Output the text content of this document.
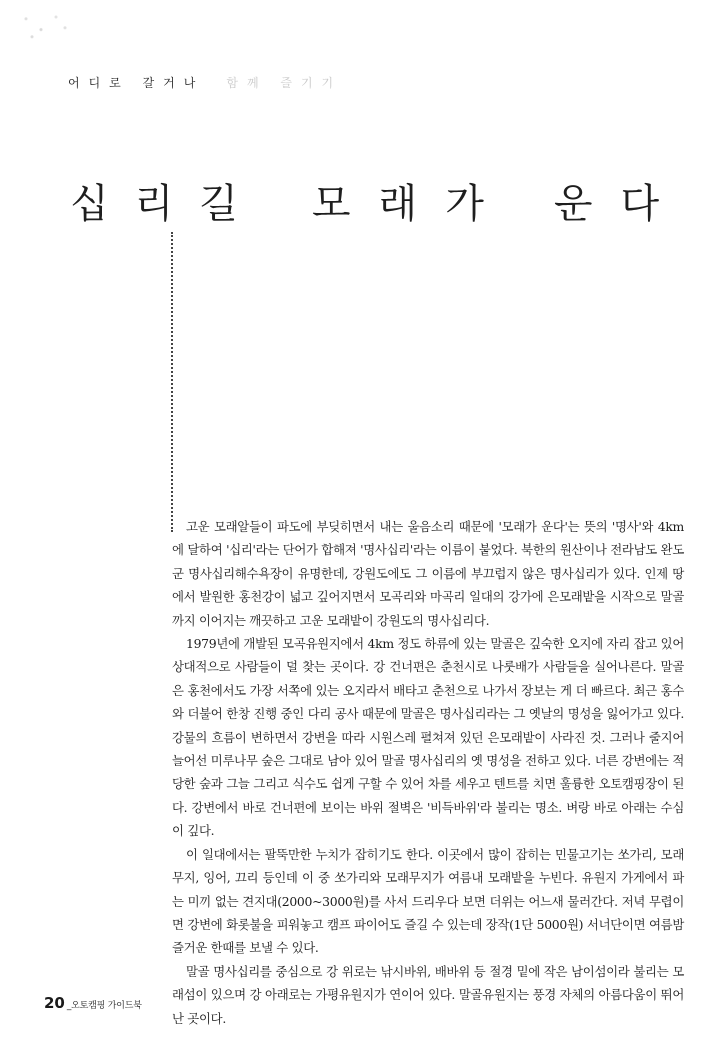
어디로 갈거나 함께 즐기기
십리길 모래가 운다

고운 모래알들이 파도에 부딪히면서 내는 울음소리 때문에 '모래가 운다'는 뜻의 '명사'와 4km에 달하여 '십리'라는 단어가 합해져 '명사십리'라는 이름이 붙었다. 북한의 원산이나 전라남도 완도군 명사십리해수욕장이 유명한데, 강원도에도 그 이름에 부끄럽지 않은 명사십리가 있다. 인제 땅에서 발원한 홍천강이 넓고 깊어지면서 모곡리와 마곡리 일대의 강가에 은모래밭을 시작으로 말골까지 이어지는 깨끗하고 고운 모래밭이 강원도의 명사십리다.

1979년에 개발된 모곡유원지에서 4km 정도 하류에 있는 말골은 깊숙한 오지에 자리 잡고 있어 상대적으로 사람들이 덜 찾는 곳이다. 강 건너편은 춘천시로 나룻배가 사람들을 실어나른다. 말골은 홍천에서도 가장 서쪽에 있는 오지라서 배타고 춘천으로 나가서 장보는 게 더 빠르다. 최근 홍수와 더불어 한창 진행 중인 다리 공사 때문에 말골은 명사십리라는 그 옛날의 명성을 잃어가고 있다. 강물의 흐름이 변하면서 강변을 따라 시원스레 펼쳐져 있던 은모래밭이 사라진 것. 그러나 줄지어 늘어선 미루나무 숲은 그대로 남아 있어 말골 명사십리의 옛 명성을 전하고 있다. 너른 강변에는 적당한 숲과 그늘 그리고 식수도 쉽게 구할 수 있어 차를 세우고 텐트를 치면 훌륭한 오토캠핑장이 된다. 강변에서 바로 건너편에 보이는 바위 절벽은 '비득바위'라 불리는 명소. 벼랑 바로 아래는 수심이 깊다.

이 일대에서는 팔뚝만한 누치가 잡히기도 한다. 이곳에서 많이 잡히는 민물고기는 쏘가리, 모래무지, 잉어, 끄리 등인데 이 중 쏘가리와 모래무지가 여름내 모래밭을 누빈다. 유원지 가게에서 파는 미끼 없는 견지대(2000~3000원)를 사서 드리우다 보면 더위는 어느새 물러간다. 저녁 무렵이면 강변에 화롯불을 피워놓고 캠프 파이어도 즐길 수 있는데 장작(1단 5000원) 서너단이면 여름밤 즐거운 한때를 보낼 수 있다.

말골 명사십리를 중심으로 강 위로는 낚시바위, 배바위 등 절경 밑에 작은 남이섬이라 불리는 모래섬이 있으며 강 아래로는 가평유원지가 연이어 있다. 말골유원지는 풍경 자체의 아름다움이 뛰어난 곳이다.

20 _오토캠핑 가이드북
